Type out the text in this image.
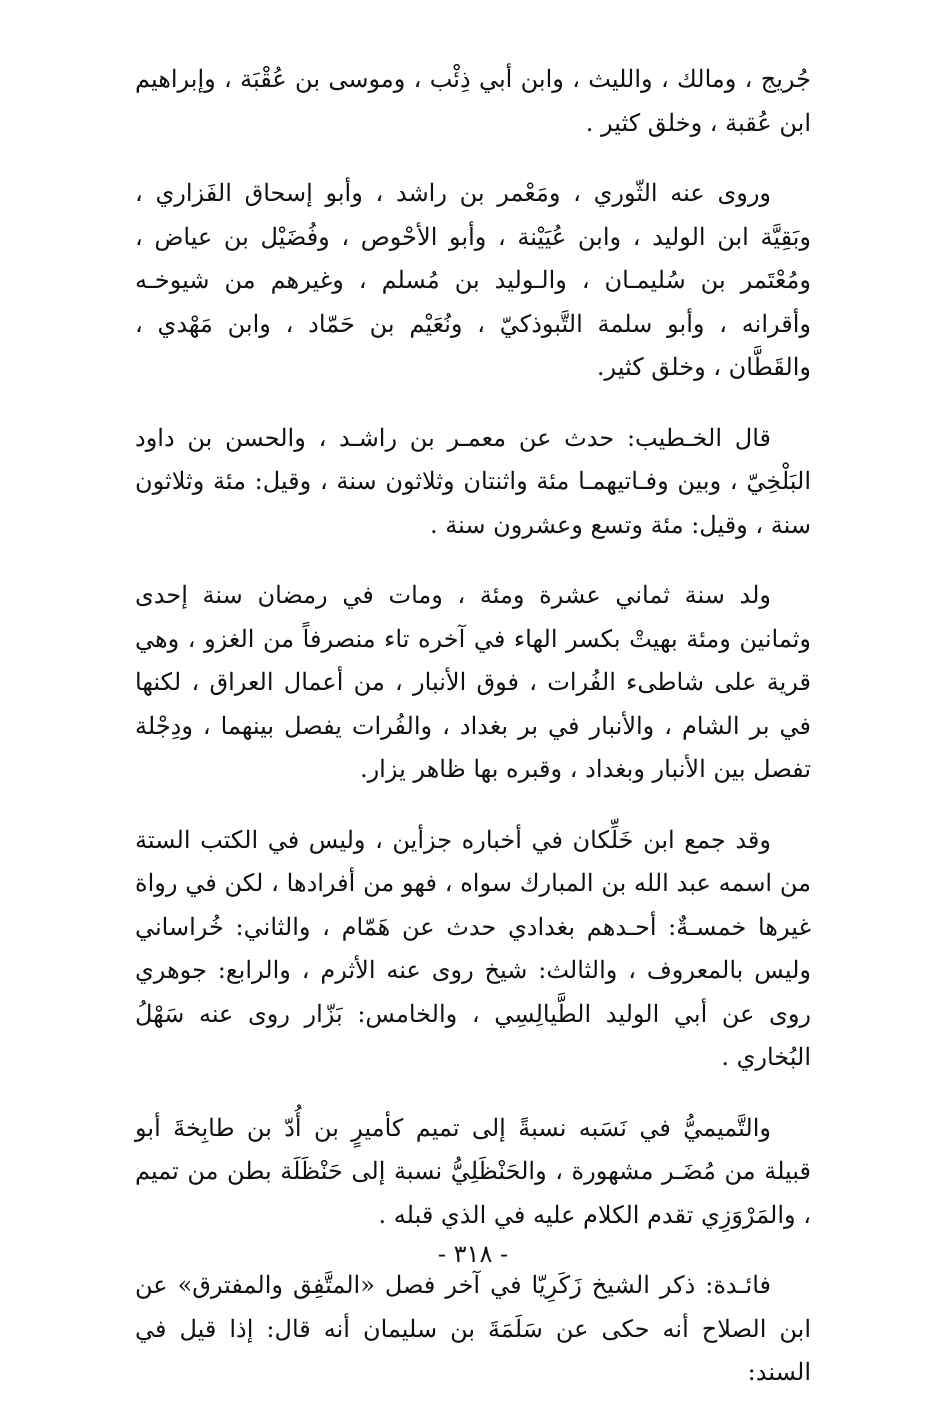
جُريج ، ومالك ، والليث ، وابن أبي ذِئْب ، وموسى بن عُقْبَة ، وإبراهيم ابن عُقبة ، وخلق كثير .

وروى عنه الثّوري ، ومَعْمر بن راشد ، وأبو إسحاق الفَزاري ، وبَقِيَّة ابن الوليد ، وابن عُيَيْنة ، وأبو الأحْوص ، وفُضَيْل بن عياض ، ومُعْتَمر بن سُليمـان ، والـوليد بن مُسلم ، وغيرهم من شيوخـه وأقرانه ، وأبو سلمة التَّبوذكيّ ، ونُعَيْم بن حَمّاد ، وابن مَهْدي ، والقَطَّان ، وخلق كثير.

قال الخـطيب: حدث عن معمـر بن راشـد ، والحسن بن داود البَلْخِيّ ، وبين وفـاتيهمـا مئة واثنتان وثلاثون سنة ، وقيل: مئة وثلاثون سنة ، وقيل: مئة وتسع وعشرون سنة .

ولد سنة ثماني عشرة ومئة ، ومات في رمضان سنة إحدى وثمانين ومئة بهيتْ بكسر الهاء في آخره تاء منصرفاً من الغزو ، وهي قرية على شاطىء الفُرات ، فوق الأنبار ، من أعمال العراق ، لكنها في بر الشام ، والأنبار في بر بغداد ، والفُرات يفصل بينهما ، ودِجْلة تفصل بين الأنبار وبغداد ، وقبره بها ظاهر يزار.

وقد جمع ابن خَلِّكان في أخباره جزأين ، وليس في الكتب الستة من اسمه عبد الله بن المبارك سواه ، فهو من أفرادها ، لكن في رواة غيرها خمسـةٌ: أحـدهم بغدادي حدث عن هَمّام ، والثاني: خُراساني وليس بالمعروف ، والثالث: شيخ روى عنه الأثرم ، والرابع: جوهري روى عن أبي الوليد الطَّيالِسِي ، والخامس: بَزّار روى عنه سَهْلُ البُخاري .

والتَّميميُّ في نَسَبه نسبةً إلى تميم كأميرٍ بن أُدّ بن طابِخةَ أبو قبيلة من مُضَـر مشهورة ، والحَنْظَلِيُّ نسبة إلى حَنْظَلَة بطن من تميم ، والمَرْوَزِي تقدم الكلام عليه في الذي قبله .

فائـدة: ذكر الشيخ زَكَرِيّا في آخر فصل «المتَّفِق والمفترق» عن ابن الصلاح أنه حكى عن سَلَمَةَ بن سليمان أنه قال: إذا قيل في السند:

- ٣١٨ -
